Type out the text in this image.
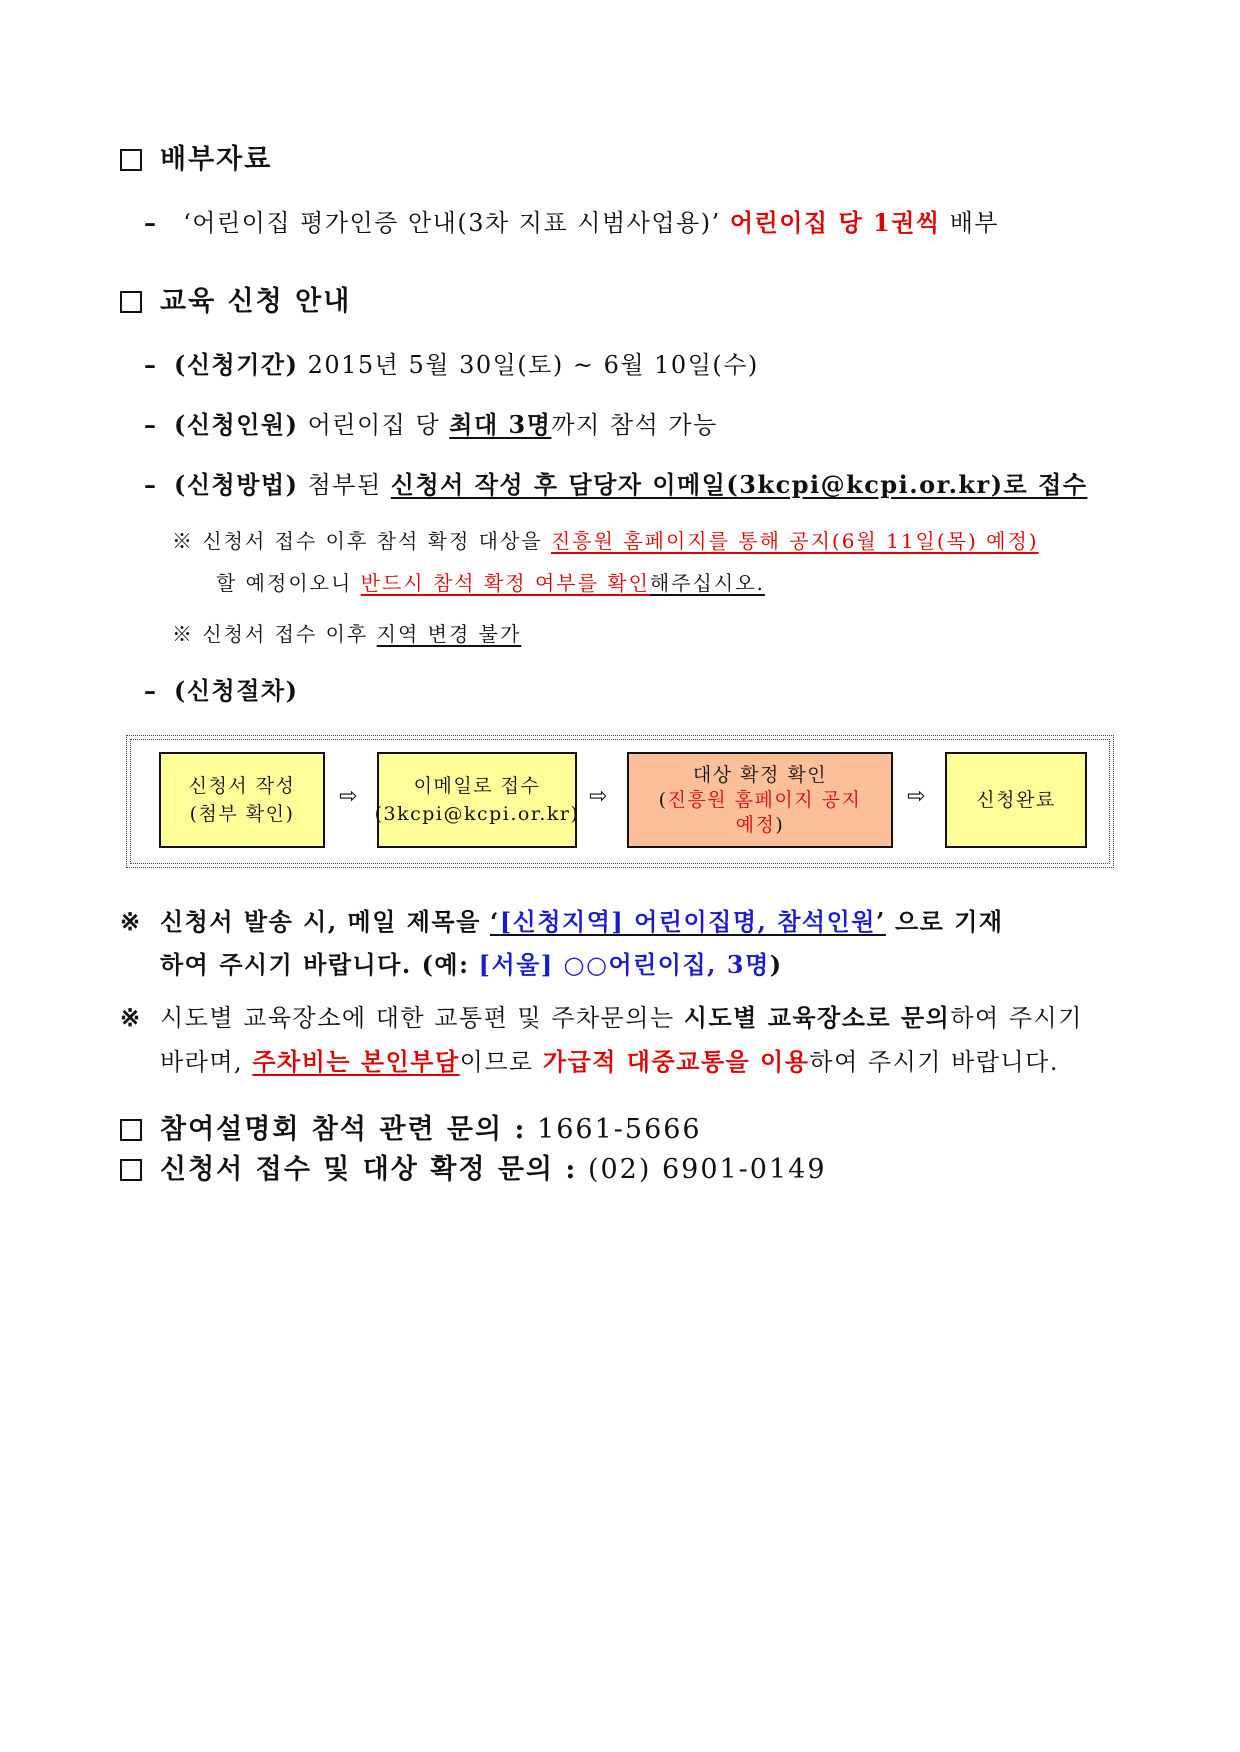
배부자료
– ‘어린이집 평가인증 안내(3차 지표 시범사업용)’ 어린이집 당 1권씩 배부
교육 신청 안내
– (신청기간) 2015년 5월 30일(토) ~ 6월 10일(수)
– (신청인원) 어린이집 당 최대 3명까지 참석 가능
– (신청방법) 첨부된 신청서 작성 후 담당자 이메일(3kcpi@kcpi.or.kr)로 접수
※ 신청서 접수 이후 참석 확정 대상을 진흥원 홈페이지를 통해 공지(6월 11일(목) 예정)
할 예정이오니 반드시 참석 확정 여부를 확인해주십시오.
※ 신청서 접수 이후 지역 변경 불가
– (신청절차)
신청서 작성
(첨부 확인)
⇨	이메일로 접수
(3kcpi@kcpi.or.kr)
⇨
대상 확정 확인
(진흥원 홈페이지 공지
예정)
⇨	신청완료
※ 신청서 발송 시, 메일 제목을 ‘[신청지역] 어린이집명, 참석인원’ 으로 기재
하여 주시기 바랍니다. (예: [서울] ○○어린이집, 3명)
※ 시도별 교육장소에 대한 교통편 및 주차문의는 시도별 교육장소로 문의하여 주시기
바라며, 주차비는 본인부담이므로 가급적 대중교통을 이용하여 주시기 바랍니다.
참여설명회 참석 관련 문의 : 1661-5666
신청서 접수 및 대상 확정 문의 : (02) 6901-0149
